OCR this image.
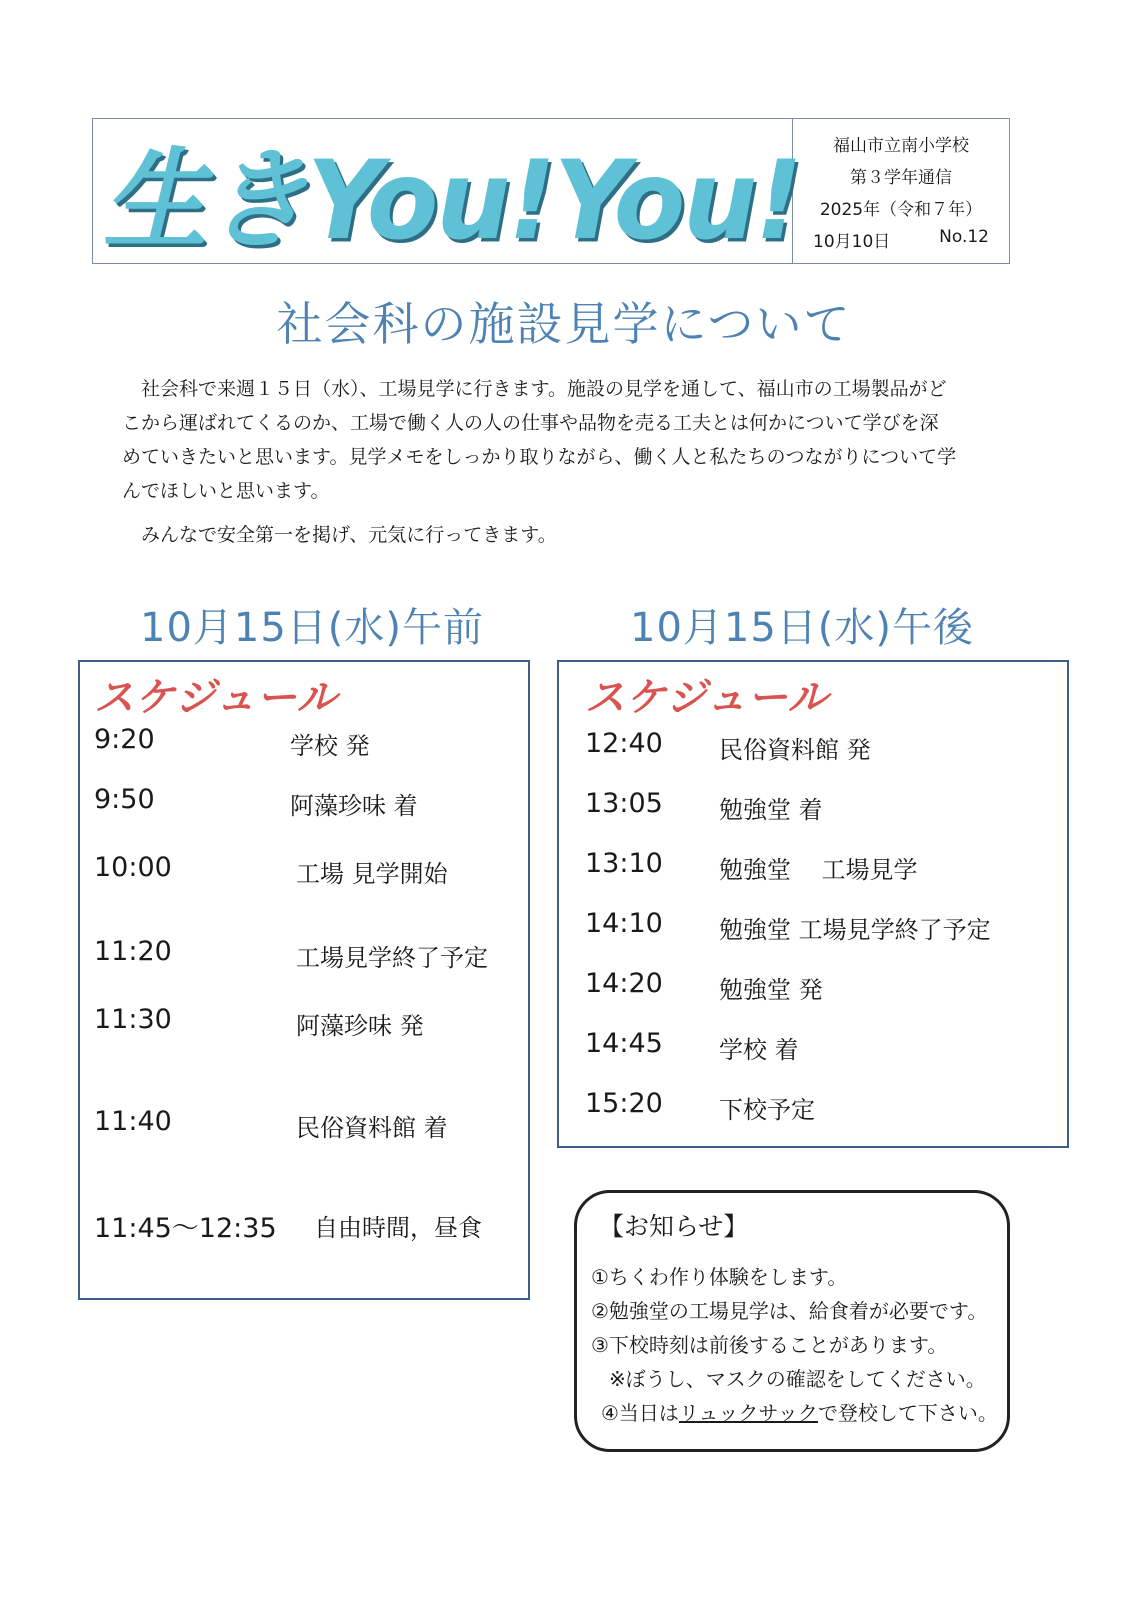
生きYou!You! 福山市立南小学校
第３学年通信
2025年（令和７年）
10月10日	No.12
社会科の施設見学について
社会科で来週１５日（水）、工場見学に行きます。施設の見学を通して、福山市の工場製品がど
こから運ばれてくるのか、工場で働く人の人の仕事や品物を売る工夫とは何かについて学びを深
めていきたいと思います。見学メモをしっかり取りながら、働く人と私たちのつながりについて学
んでほしいと思います。

みんなで安全第一を掲げ、元気に行ってきます。

10月15日(水)午前
スケジュール
9:20	学校 発
9:50	阿藻珍味 着
10:00	工場 見学開始
11:20	工場見学終了予定
11:30	阿藻珍味 発
11:40	民俗資料館 着
11:45～12:35 自由時間，昼食
10月15日(水)午後
スケジュール
12:40 民俗資料館 発
13:05 勉強堂 着
13:10 勉強堂    工場見学
14:10 勉強堂 工場見学終了予定
14:20 勉強堂 発
14:45 学校 着
15:20 下校予定
【お知らせ】
①ちくわ作り体験をします。
②勉強堂の工場見学は、給食着が必要です。
③下校時刻は前後することがあります。
※ぼうし、マスクの確認をしてください。
④当日はリュックサックで登校して下さい。
